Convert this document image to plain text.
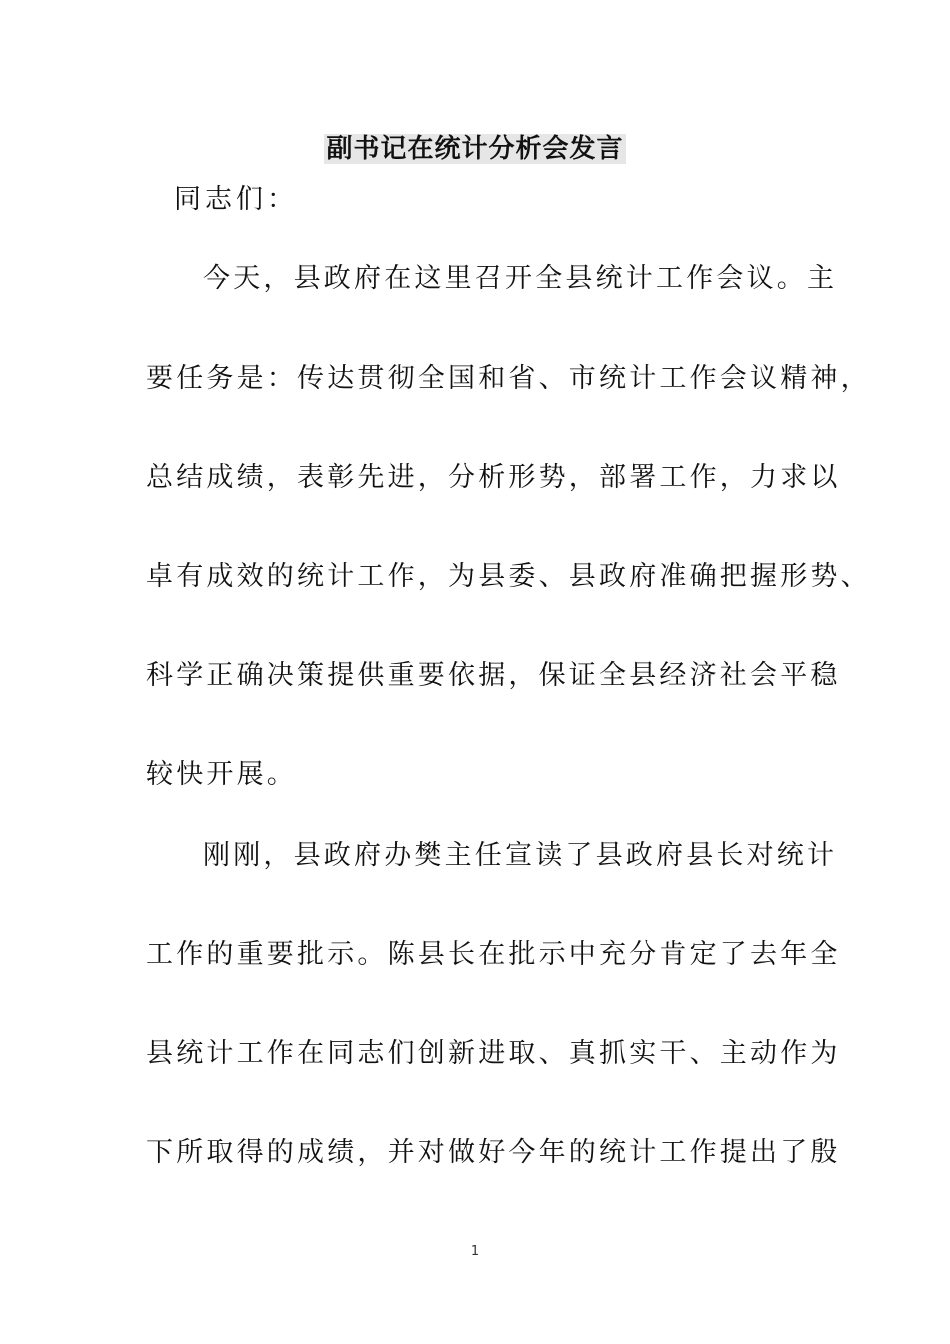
副书记在统计分析会发言
同志们：
今天，县政府在这里召开全县统计工作会议。主
要任务是：传达贯彻全国和省、市统计工作会议精神，
总结成绩，表彰先进，分析形势，部署工作，力求以
卓有成效的统计工作，为县委、县政府准确把握形势、
科学正确决策提供重要依据，保证全县经济社会平稳
较快开展。
刚刚，县政府办樊主任宣读了县政府县长对统计
工作的重要批示。陈县长在批示中充分肯定了去年全
县统计工作在同志们创新进取、真抓实干、主动作为
下所取得的成绩，并对做好今年的统计工作提出了殷
1
